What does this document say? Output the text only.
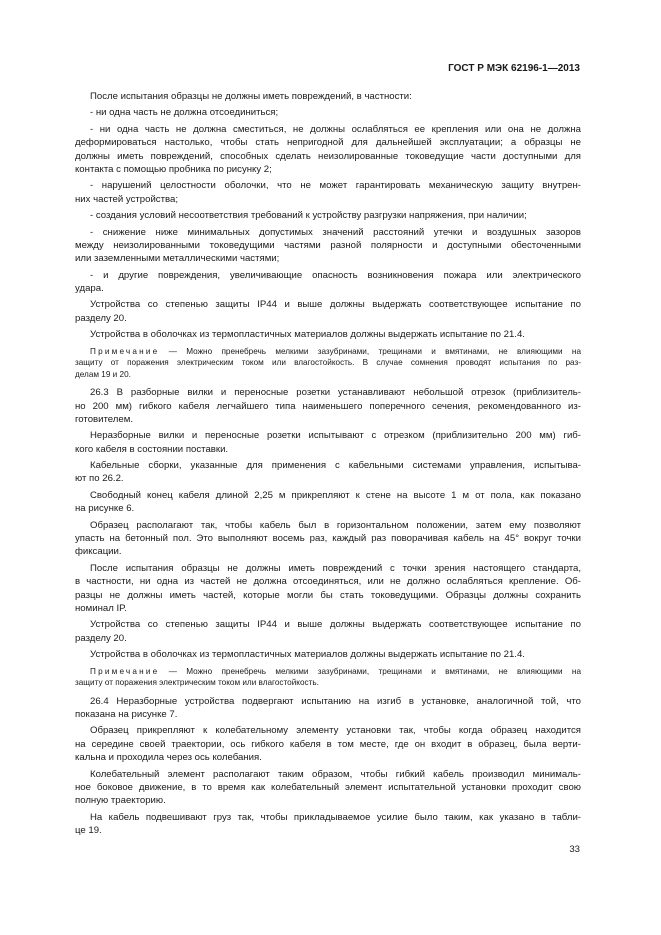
ГОСТ Р МЭК 62196-1—2013
После испытания образцы не должны иметь повреждений, в частности:
- ни одна часть не должна отсоединиться;
- ни одна часть не должна сместиться, не должны ослабляться ее крепления или она не должна
деформироваться настолько, чтобы стать непригодной для дальнейшей эксплуатации; а образцы не
должны иметь повреждений, способных сделать неизолированные токоведущие части доступными для
контакта с помощью пробника по рисунку 2;
- нарушений целостности оболочки, что не может гарантировать механическую защиту внутрен-
них частей устройства;
- создания условий несоответствия требований к устройству разгрузки напряжения, при наличии;
- снижение ниже минимальных допустимых значений расстояний утечки и воздушных зазоров
между неизолированными токоведущими частями разной полярности и доступными обесточенными
или заземленными металлическими частями;
- и другие повреждения, увеличивающие опасность возникновения пожара или электрического
удара.
Устройства со степенью защиты IP44 и выше должны выдержать соответствующее испытание по
разделу 20.
Устройства в оболочках из термопластичных материалов должны выдержать испытание по 21.4.
Примечание — Можно пренебречь мелкими зазубринами, трещинами и вмятинами, не влияющими на
защиту от поражения электрическим током или влагостойкость. В случае сомнения проводят испытания по раз-
делам 19 и 20.
26.3 В разборные вилки и переносные розетки устанавливают небольшой отрезок (приблизитель-
но 200 мм) гибкого кабеля легчайшего типа наименьшего поперечного сечения, рекомендованного из-
готовителем.
Неразборные вилки и переносные розетки испытывают с отрезком (приблизительно 200 мм) гиб-
кого кабеля в состоянии поставки.
Кабельные сборки, указанные для применения с кабельными системами управления, испытыва-
ют по 26.2.
Свободный конец кабеля длиной 2,25 м прикрепляют к стене на высоте 1 м от пола, как показано
на рисунке 6.
Образец располагают так, чтобы кабель был в горизонтальном положении, затем ему позволяют
упасть на бетонный пол. Это выполняют восемь раз, каждый раз поворачивая кабель на 45° вокруг точки
фиксации.
После испытания образцы не должны иметь повреждений с точки зрения настоящего стандарта,
в частности, ни одна из частей не должна отсоединяться, или не должно ослабляться крепление. Об-
разцы не должны иметь частей, которые могли бы стать токоведущими. Образцы должны сохранить
номинал IP.
Устройства со степенью защиты IP44 и выше должны выдержать соответствующее испытание по
разделу 20.
Устройства в оболочках из термопластичных материалов должны выдержать испытание по 21.4.
Примечание — Можно пренебречь мелкими зазубринами, трещинами и вмятинами, не влияющими на
защиту от поражения электрическим током или влагостойкость.
26.4 Неразборные устройства подвергают испытанию на изгиб в установке, аналогичной той, что
показана на рисунке 7.
Образец прикрепляют к колебательному элементу установки так, чтобы когда образец находится
на середине своей траектории, ось гибкого кабеля в том месте, где он входит в образец, была верти-
кальна и проходила через ось колебания.
Колебательный элемент располагают таким образом, чтобы гибкий кабель производил минималь-
ное боковое движение, в то время как колебательный элемент испытательной установки проходит свою
полную траекторию.
На кабель подвешивают груз так, чтобы прикладываемое усилие было таким, как указано в табли-
це 19.
33
